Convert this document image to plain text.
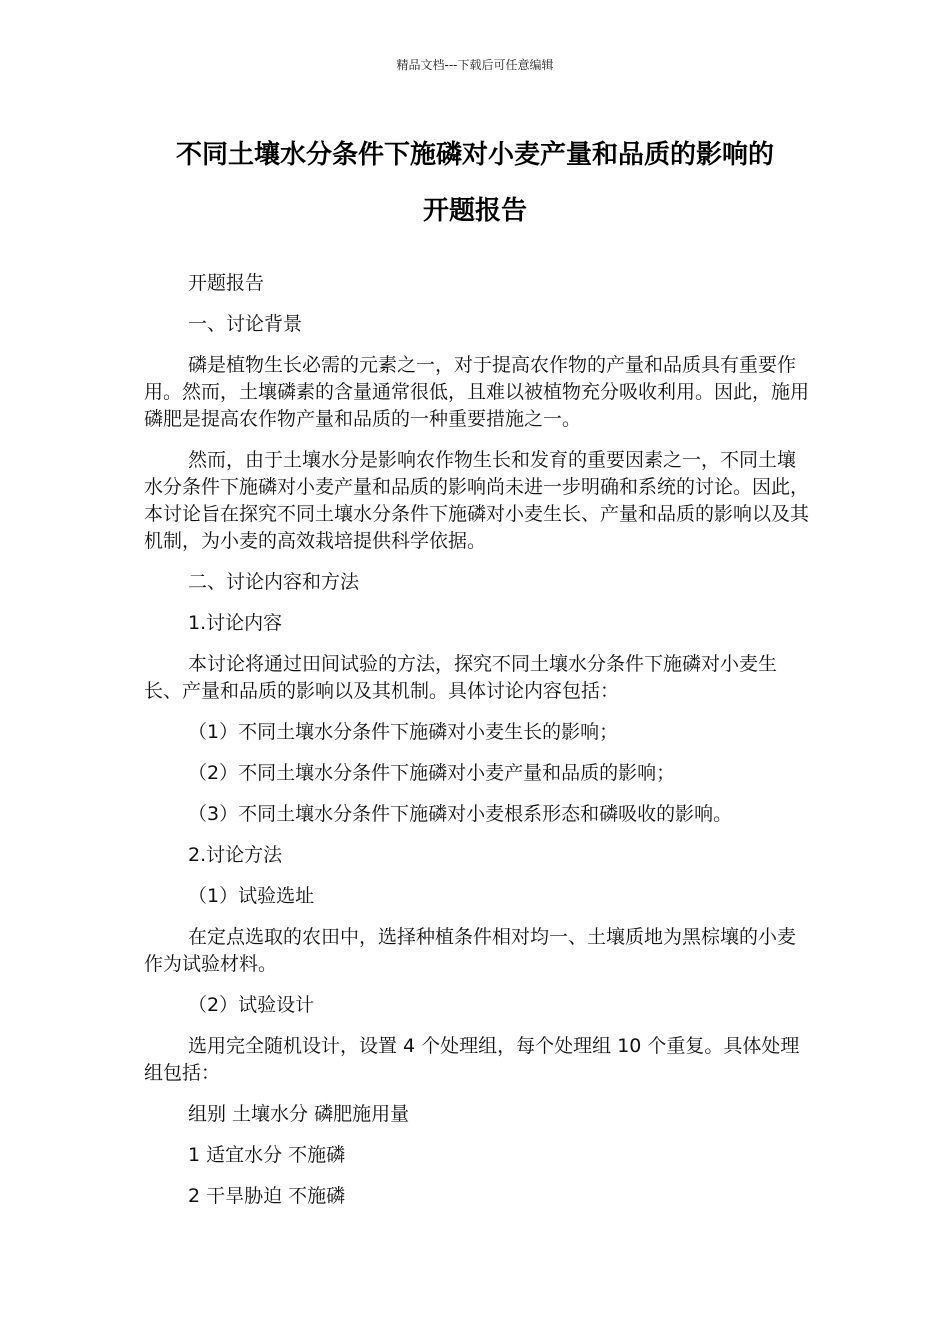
精品文档---下载后可任意编辑
不同土壤水分条件下施磷对小麦产量和品质的影响的
开题报告

开题报告

一、讨论背景

磷是植物生长必需的元素之一，对于提高农作物的产量和品质具有重要作用。然而，土壤磷素的含量通常很低，且难以被植物充分吸收利用。因此，施用磷肥是提高农作物产量和品质的一种重要措施之一。

然而，由于土壤水分是影响农作物生长和发育的重要因素之一，不同土壤水分条件下施磷对小麦产量和品质的影响尚未进一步明确和系统的讨论。因此，本讨论旨在探究不同土壤水分条件下施磷对小麦生长、产量和品质的影响以及其机制，为小麦的高效栽培提供科学依据。

二、讨论内容和方法

1.讨论内容

本讨论将通过田间试验的方法，探究不同土壤水分条件下施磷对小麦生长、产量和品质的影响以及其机制。具体讨论内容包括：

（1）不同土壤水分条件下施磷对小麦生长的影响；

（2）不同土壤水分条件下施磷对小麦产量和品质的影响；

（3）不同土壤水分条件下施磷对小麦根系形态和磷吸收的影响。

2.讨论方法

（1）试验选址

在定点选取的农田中，选择种植条件相对均一、土壤质地为黑棕壤的小麦作为试验材料。

（2）试验设计

选用完全随机设计，设置 4 个处理组，每个处理组 10 个重复。具体处理组包括：

组别 土壤水分 磷肥施用量

1 适宜水分 不施磷

2 干旱胁迫 不施磷
